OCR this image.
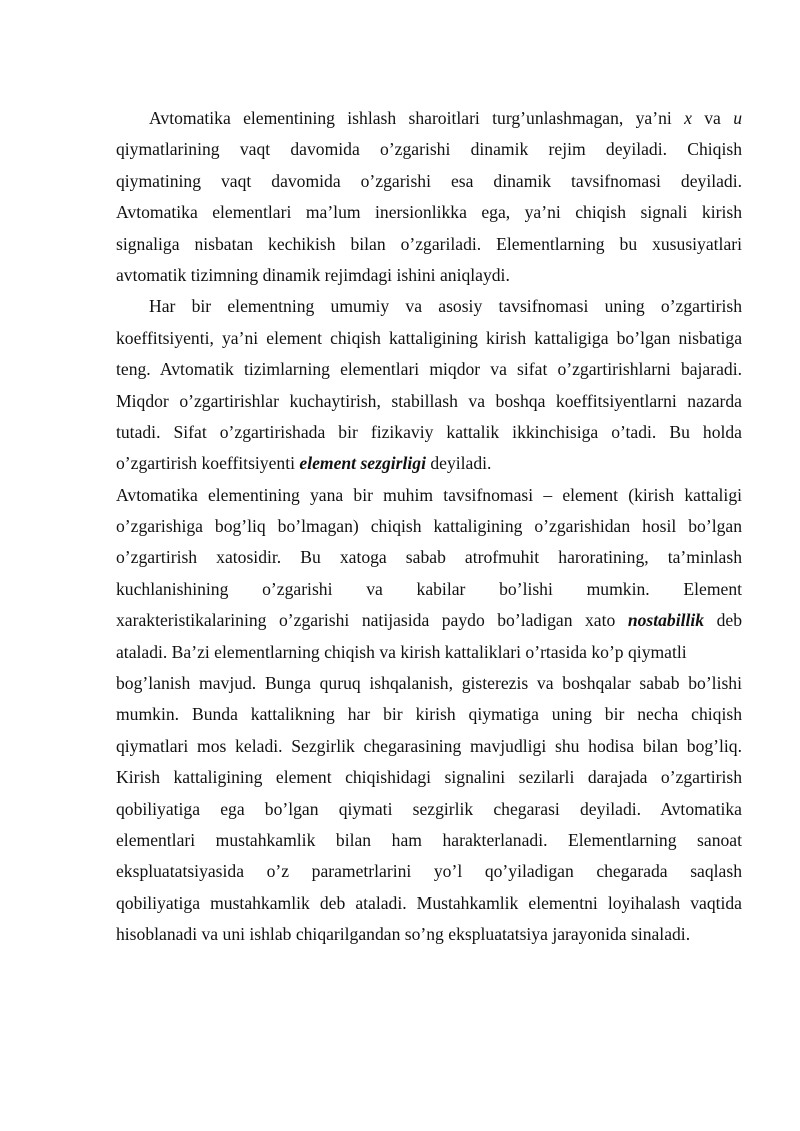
Avtomatika elementining ishlash sharoitlari turg’unlashmagan, ya’ni x va u
qiymatlarining vaqt davomida o’zgarishi dinamik rejim deyiladi. Chiqish
qiymatining vaqt davomida o’zgarishi esa dinamik tavsifnomasi deyiladi.
Avtomatika elementlari ma’lum inersionlikka ega, ya’ni chiqish signali kirish
signaliga nisbatan kechikish bilan o’zgariladi. Elementlarning bu xususiyatlari
avtomatik tizimning dinamik rejimdagi ishini aniqlaydi.
Har bir elementning umumiy va asosiy tavsifnomasi uning o’zgartirish
koeffitsiyenti, ya’ni element chiqish kattaligining kirish kattaligiga bo’lgan nisbatiga
teng. Avtomatik tizimlarning elementlari miqdor va sifat o’zgartirishlarni bajaradi.
Miqdor o’zgartirishlar kuchaytirish, stabillash va boshqa koeffitsiyentlarni nazarda
tutadi. Sifat o’zgartirishada bir fizikaviy kattalik ikkinchisiga o’tadi. Bu holda
o’zgartirish koeffitsiyenti element sezgirligi deyiladi.
Avtomatika elementining yana bir muhim tavsifnomasi – element (kirish kattaligi
o’zgarishiga bog’liq bo’lmagan) chiqish kattaligining o’zgarishidan hosil bo’lgan
o’zgartirish xatosidir. Bu xatoga sabab atrofmuhit haroratining, ta’minlash
kuchlanishining o’zgarishi va kabilar bo’lishi mumkin. Element
xarakteristikalarining o’zgarishi natijasida paydo bo’ladigan xato nostabillik deb
ataladi. Ba’zi elementlarning chiqish va kirish kattaliklari o’rtasida ko’p qiymatli
bog’lanish mavjud. Bunga quruq ishqalanish, gisterezis va boshqalar sabab bo’lishi
mumkin. Bunda kattalikning har bir kirish qiymatiga uning bir necha chiqish
qiymatlari mos keladi. Sezgirlik chegarasining mavjudligi shu hodisa bilan bog’liq.
Kirish kattaligining element chiqishidagi signalini sezilarli darajada o’zgartirish
qobiliyatiga ega bo’lgan qiymati sezgirlik chegarasi deyiladi. Avtomatika
elementlari mustahkamlik bilan ham harakterlanadi. Elementlarning sanoat
ekspluatatsiyasida o’z parametrlarini yo’l qo’yiladigan chegarada saqlash
qobiliyatiga mustahkamlik deb ataladi. Mustahkamlik elementni loyihalash vaqtida
hisoblanadi va uni ishlab chiqarilgandan so’ng ekspluatatsiya jarayonida sinaladi.
